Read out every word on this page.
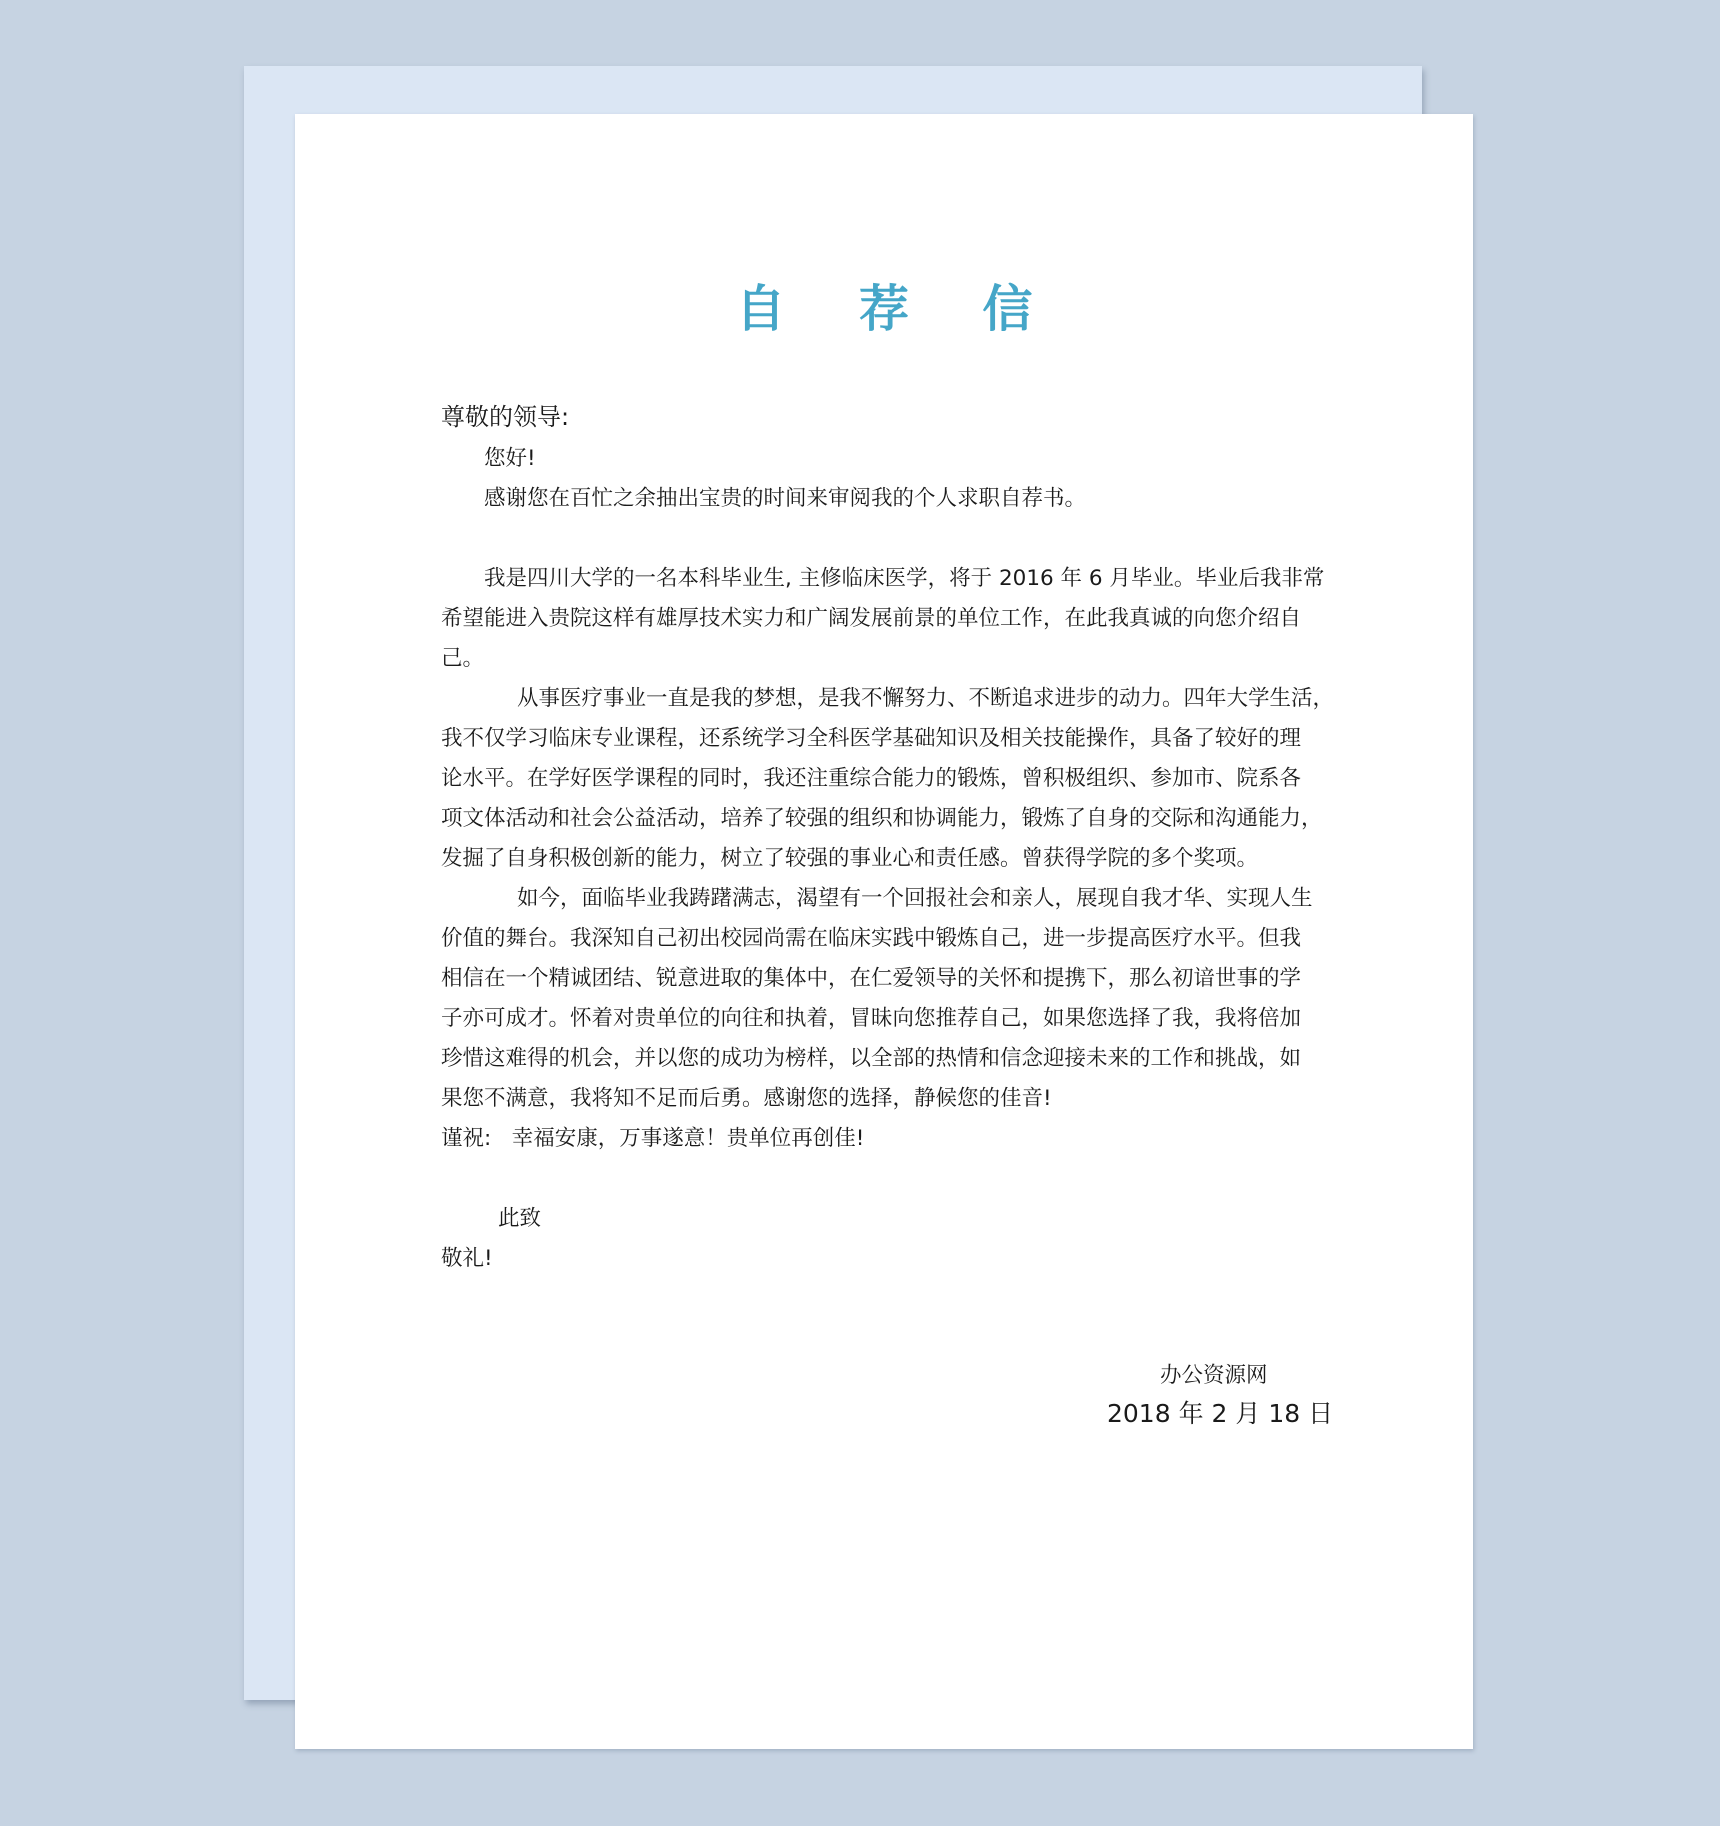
自 荐 信

尊敬的领导:

您好!

感谢您在百忙之余抽出宝贵的时间来审阅我的个人求职自荐书。

我是四川大学的一名本科毕业生, 主修临床医学，将于 2016 年 6 月毕业。毕业后我非常

希望能进入贵院这样有雄厚技术实力和广阔发展前景的单位工作，在此我真诚的向您介绍自

己。

从事医疗事业一直是我的梦想，是我不懈努力、不断追求进步的动力。四年大学生活，

我不仅学习临床专业课程，还系统学习全科医学基础知识及相关技能操作，具备了较好的理

论水平。在学好医学课程的同时，我还注重综合能力的锻炼，曾积极组织、参加市、院系各

项文体活动和社会公益活动，培养了较强的组织和协调能力，锻炼了自身的交际和沟通能力，

发掘了自身积极创新的能力，树立了较强的事业心和责任感。曾获得学院的多个奖项。

如今，面临毕业我踌躇满志，渴望有一个回报社会和亲人，展现自我才华、实现人生

价值的舞台。我深知自己初出校园尚需在临床实践中锻炼自己，进一步提高医疗水平。但我

相信在一个精诚团结、锐意进取的集体中，在仁爱领导的关怀和提携下，那么初谙世事的学

子亦可成才。怀着对贵单位的向往和执着，冒昧向您推荐自己，如果您选择了我，我将倍加

珍惜这难得的机会，并以您的成功为榜样，以全部的热情和信念迎接未来的工作和挑战，如

果您不满意，我将知不足而后勇。感谢您的选择，静候您的佳音!

谨祝:   幸福安康，万事遂意！贵单位再创佳!

此致

敬礼!

办公资源网

2018 年 2 月 18 日
